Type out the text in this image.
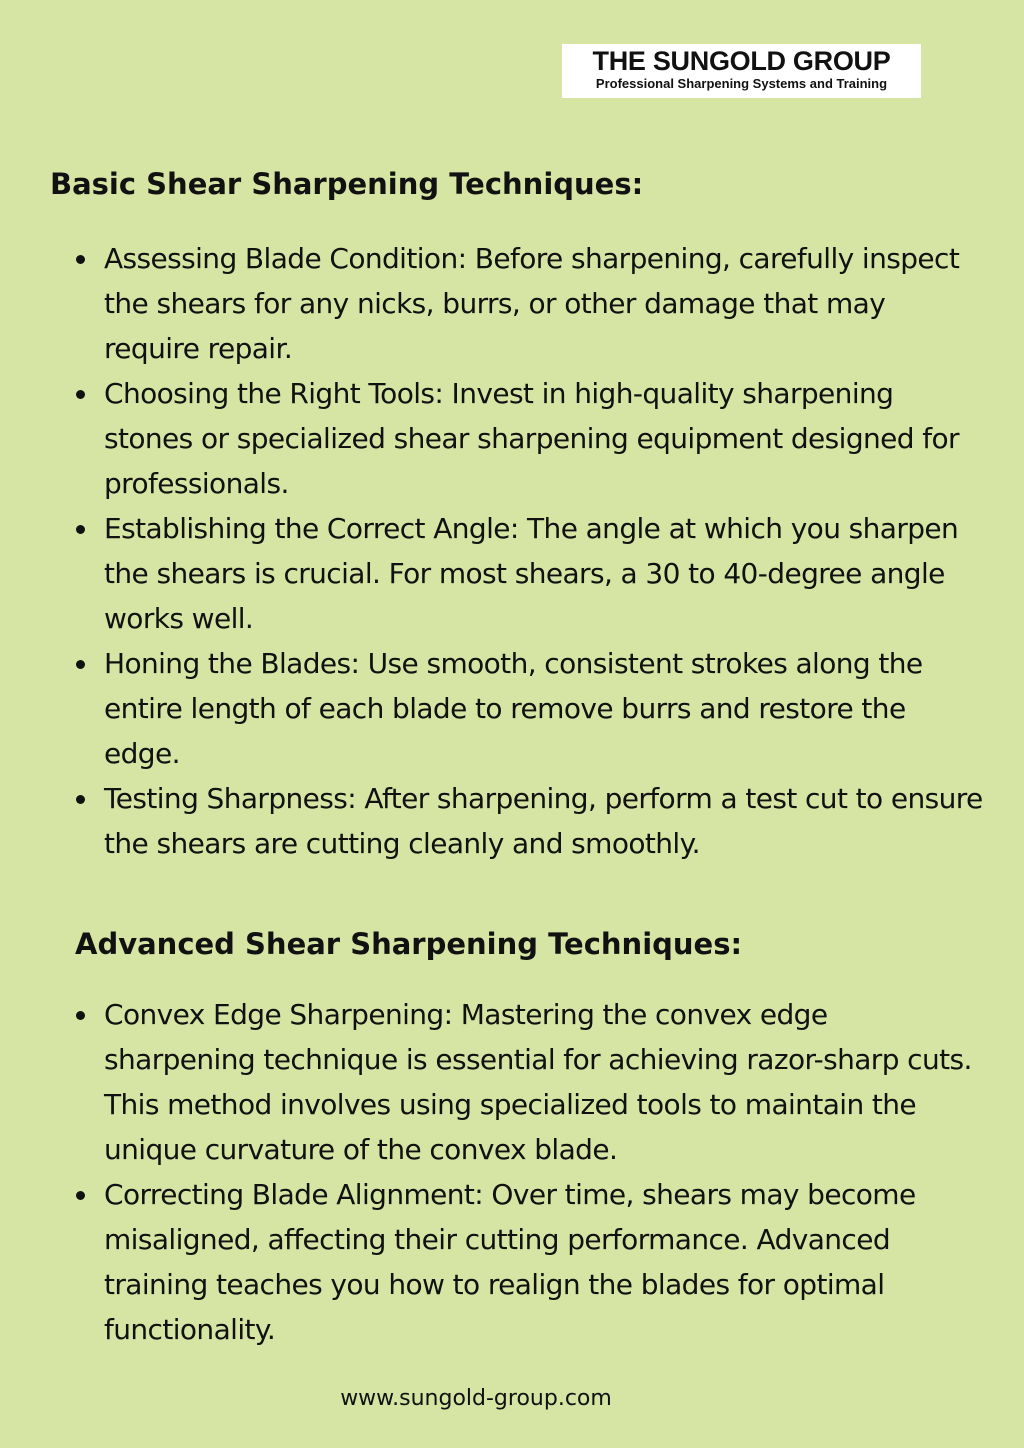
THE SUNGOLD GROUP
Professional Sharpening Systems and Training
Basic Shear Sharpening Techniques:
Assessing Blade Condition: Before sharpening, carefully inspect the shears for any nicks, burrs, or other damage that may require repair.
Choosing the Right Tools: Invest in high-quality sharpening stones or specialized shear sharpening equipment designed for professionals.
Establishing the Correct Angle: The angle at which you sharpen the shears is crucial. For most shears, a 30 to 40-degree angle works well.
Honing the Blades: Use smooth, consistent strokes along the entire length of each blade to remove burrs and restore the edge.
Testing Sharpness: After sharpening, perform a test cut to ensure the shears are cutting cleanly and smoothly.
Advanced Shear Sharpening Techniques:
Convex Edge Sharpening: Mastering the convex edge sharpening technique is essential for achieving razor-sharp cuts. This method involves using specialized tools to maintain the unique curvature of the convex blade.
Correcting Blade Alignment: Over time, shears may become misaligned, affecting their cutting performance. Advanced training teaches you how to realign the blades for optimal functionality.
www.sungold-group.com
